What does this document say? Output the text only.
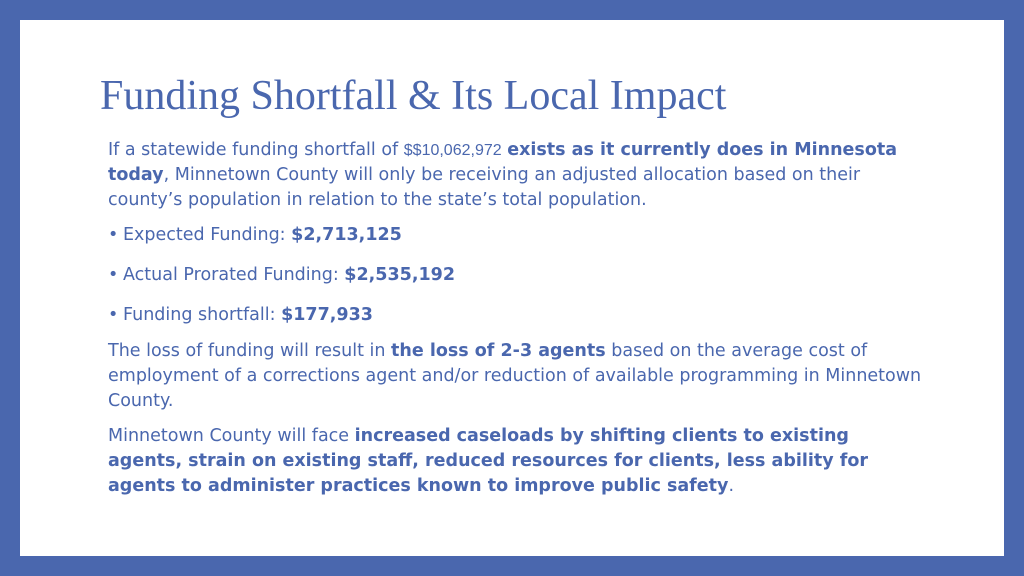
Funding Shortfall & Its Local Impact

If a statewide funding shortfall of $$10,062,972 exists as it currently does in Minnesota today, Minnetown County will only be receiving an adjusted allocation based on their county’s population in relation to the state’s total population.

• Expected Funding: $2,713,125
• Actual Prorated Funding: $2,535,192
• Funding shortfall: $177,933

The loss of funding will result in the loss of 2-3 agents based on the average cost of employment of a corrections agent and/or reduction of available programming in Minnetown County.

Minnetown County will face increased caseloads by shifting clients to existing agents, strain on existing staff, reduced resources for clients, less ability for agents to administer practices known to improve public safety.
